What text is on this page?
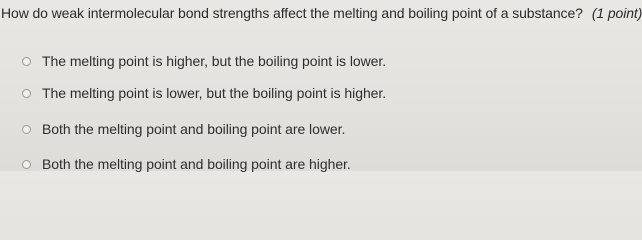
How do weak intermolecular bond strengths affect the melting and boiling point of a substance? (1 point)
The melting point is higher, but the boiling point is lower.
The melting point is lower, but the boiling point is higher.
Both the melting point and boiling point are lower.
Both the melting point and boiling point are higher.
